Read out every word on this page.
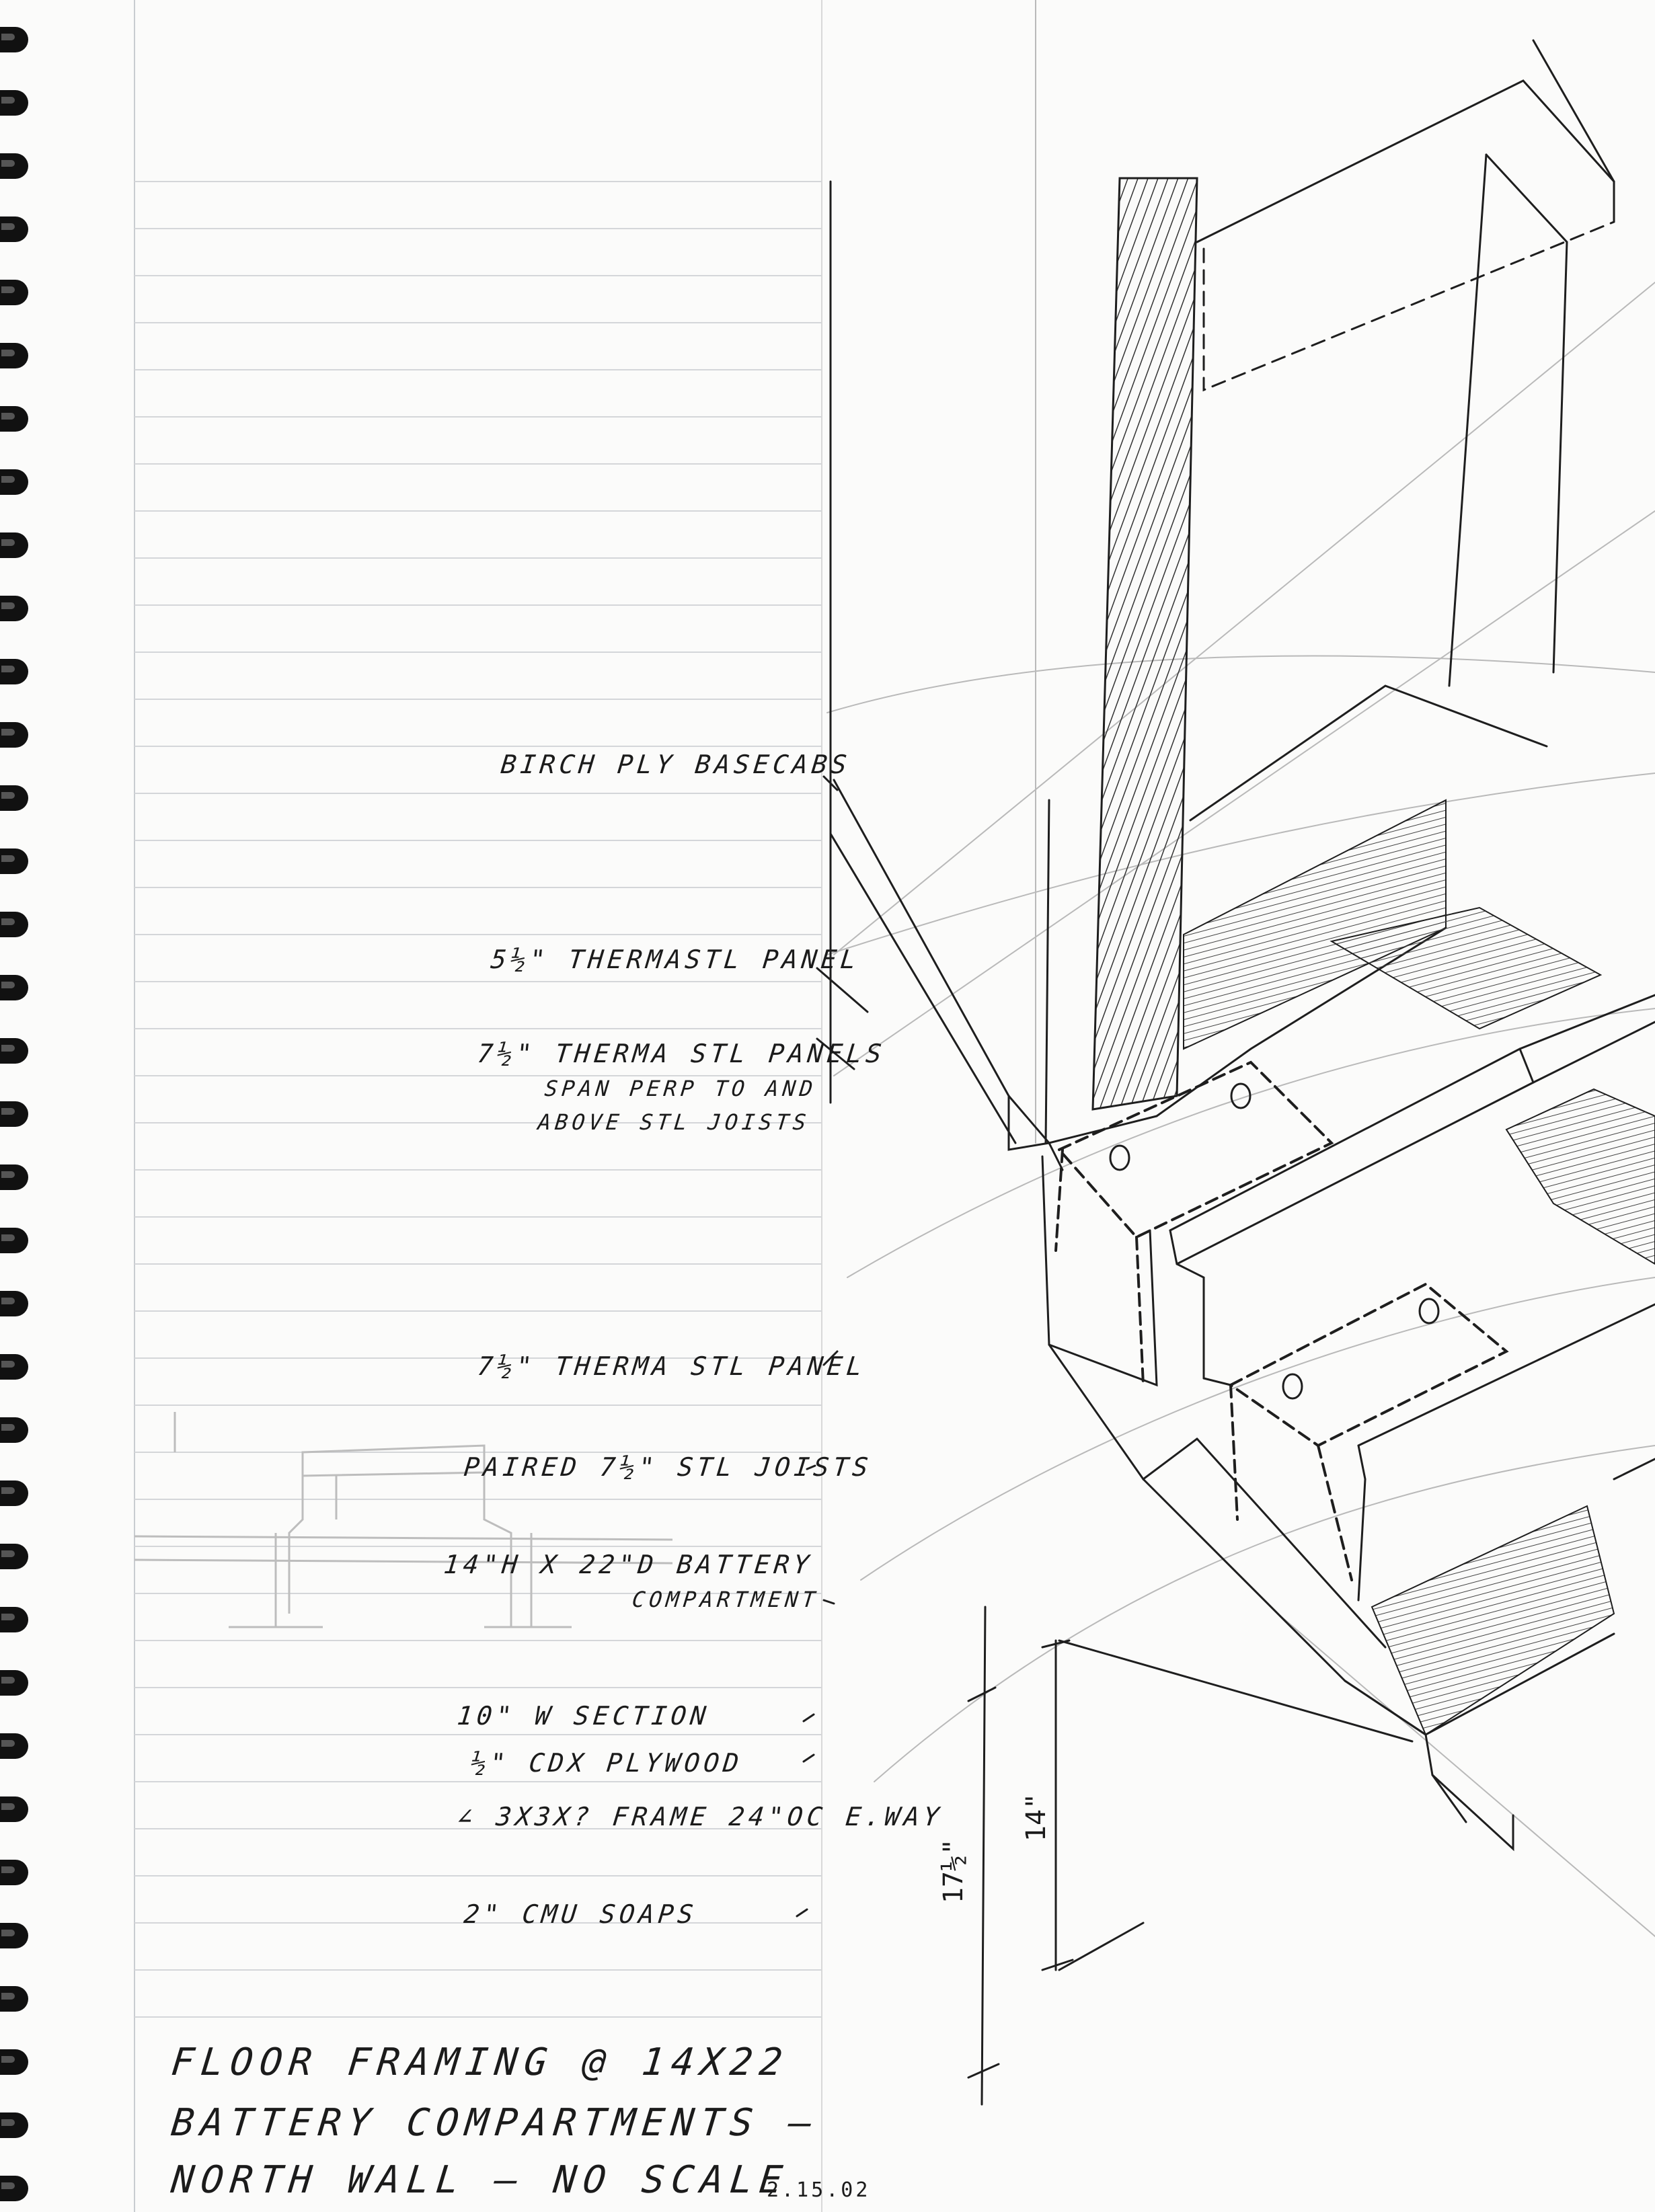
BIRCH PLY BASECABS
5½" THERMASTL PANEL
7½" THERMA STL PANELS
SPAN PERP TO AND
ABOVE STL JOISTS
7½" THERMA STL PANEL
PAIRED 7½" STL JOISTS
14"H X 22"D BATTERY
COMPARTMENT
10" W SECTION
½" CDX PLYWOOD
∠ 3X3X? FRAME 24"OC E.WAY
2" CMU SOAPS
17½"
14"
FLOOR FRAMING @ 14X22
BATTERY COMPARTMENTS —
NORTH WALL — NO SCALE
2.15.02
